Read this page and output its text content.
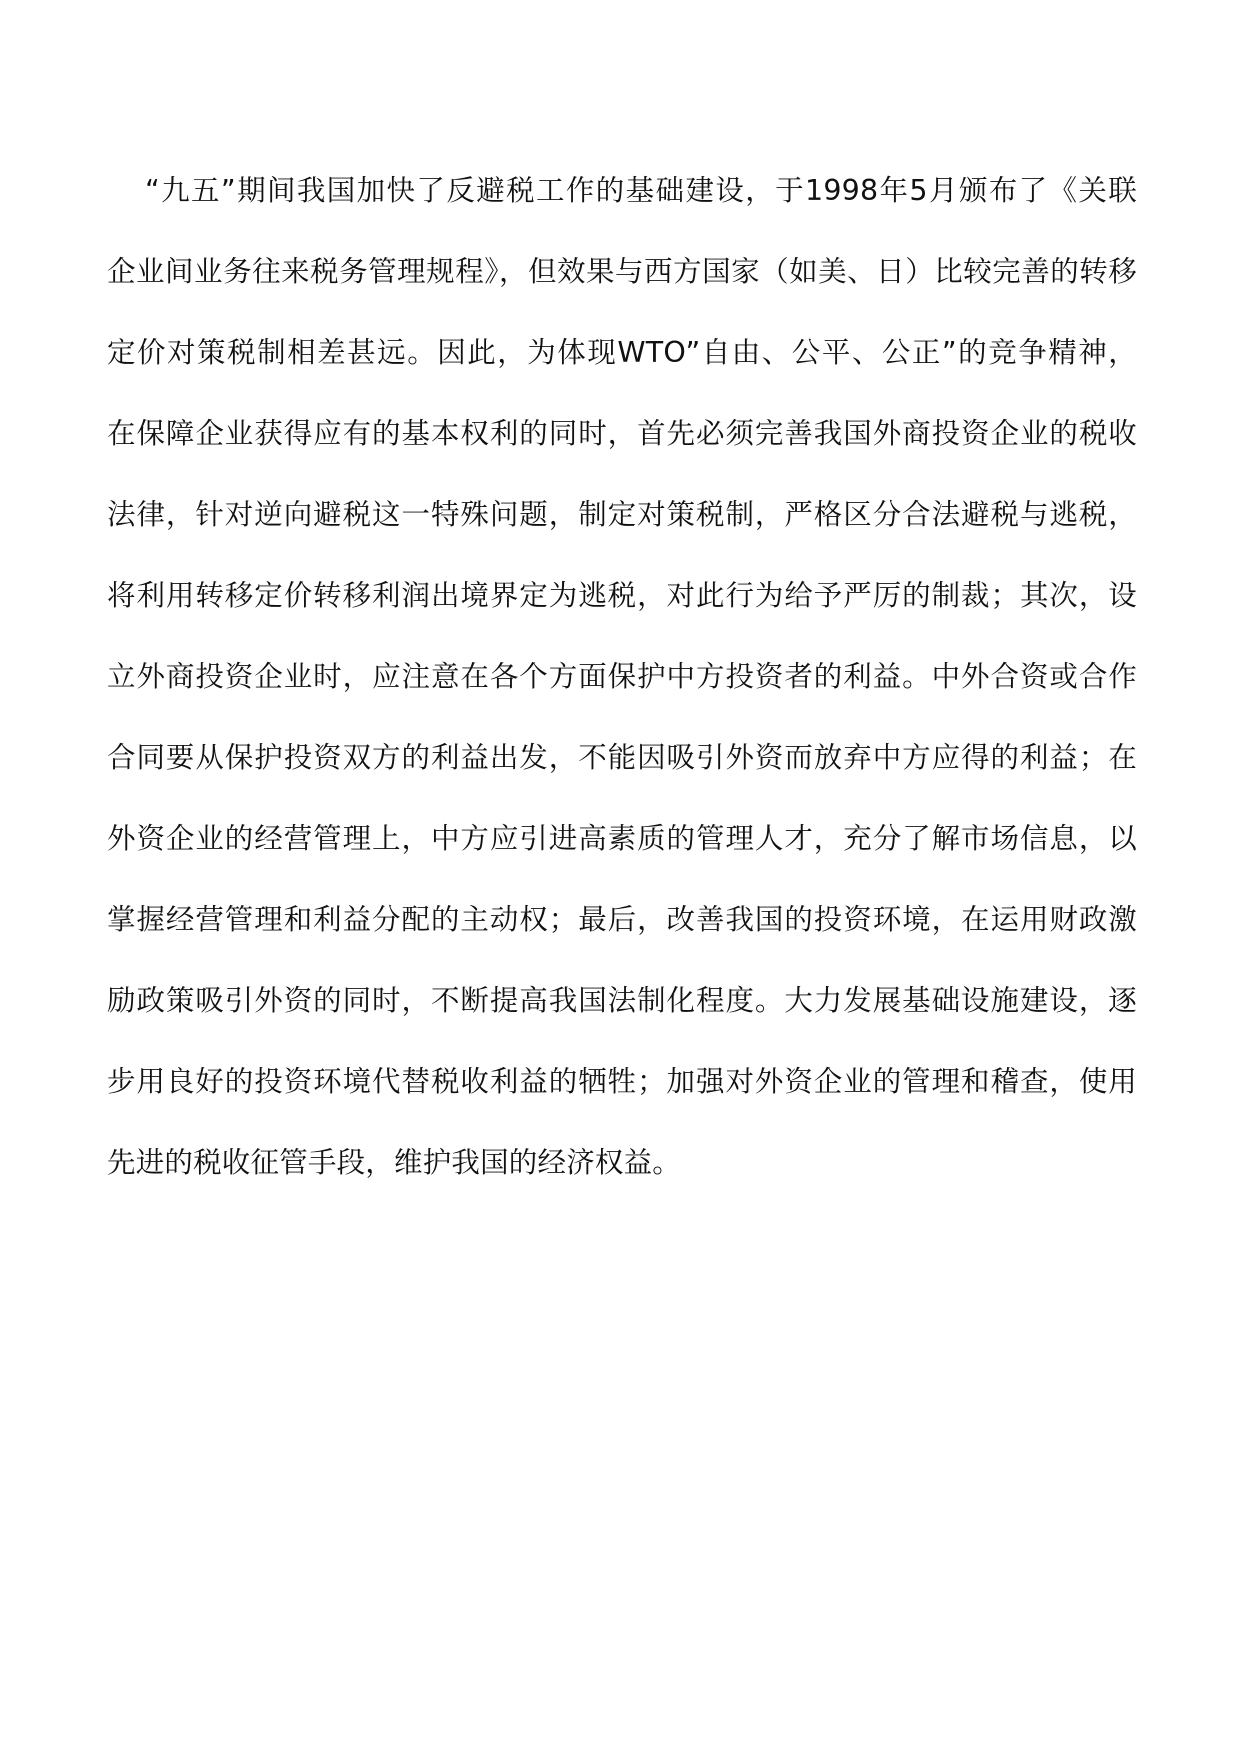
“九五”期间我国加快了反避税工作的基础建设，于1998年5月颁布了《关联
企业间业务往来税务管理规程》，但效果与西方国家（如美、日）比较完善的转移
定价对策税制相差甚远。因此，为体现WTO”自由、公平、公正”的竞争精神，
在保障企业获得应有的基本权利的同时，首先必须完善我国外商投资企业的税收
法律，针对逆向避税这一特殊问题，制定对策税制，严格区分合法避税与逃税，
将利用转移定价转移利润出境界定为逃税，对此行为给予严厉的制裁；其次，设
立外商投资企业时，应注意在各个方面保护中方投资者的利益。中外合资或合作
合同要从保护投资双方的利益出发，不能因吸引外资而放弃中方应得的利益；在
外资企业的经营管理上，中方应引进高素质的管理人才，充分了解市场信息，以
掌握经营管理和利益分配的主动权；最后，改善我国的投资环境，在运用财政激
励政策吸引外资的同时，不断提高我国法制化程度。大力发展基础设施建设，逐
步用良好的投资环境代替税收利益的牺牲；加强对外资企业的管理和稽查，使用
先进的税收征管手段，维护我国的经济权益。
